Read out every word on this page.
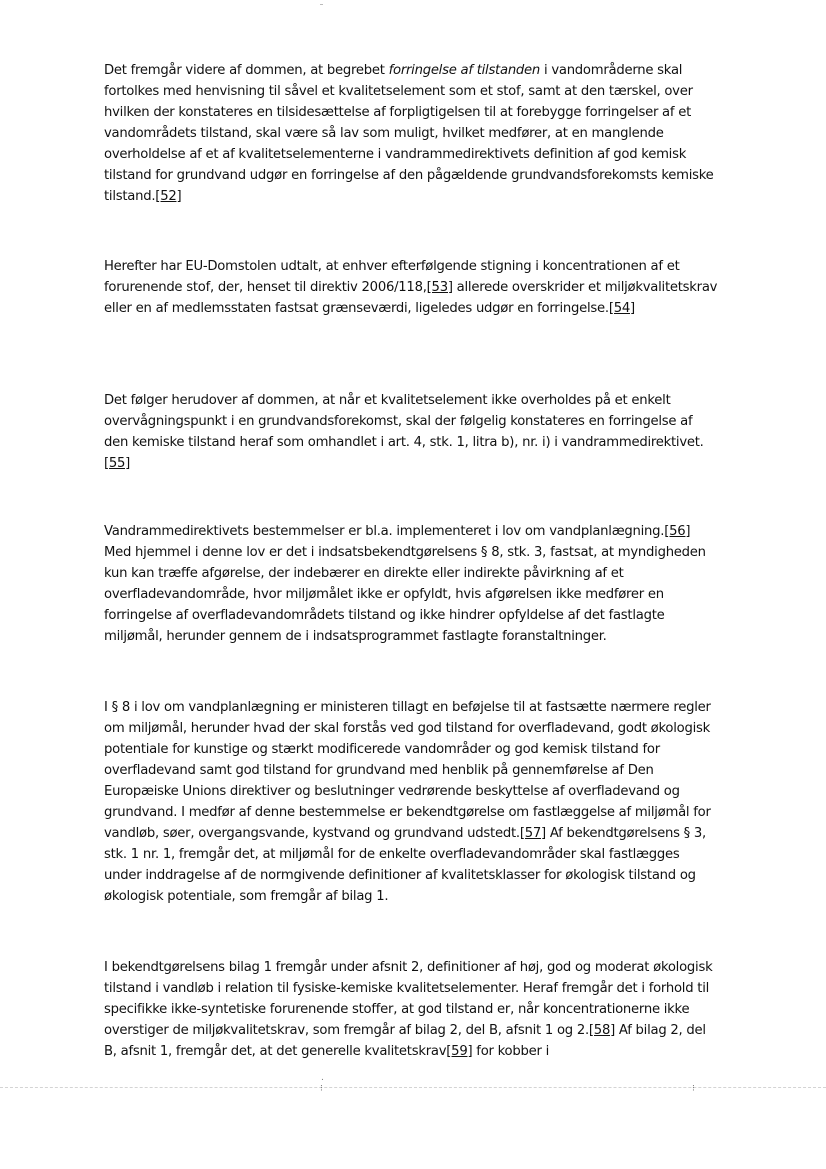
Det fremgår videre af dommen, at begrebet forringelse af tilstanden i vandområderne skal fortolkes med henvisning til såvel et kvalitetselement som et stof, samt at den tærskel, over hvilken der konstateres en tilsidesættelse af forpligtigelsen til at forebygge forringelser af et vandområdets tilstand, skal være så lav som muligt, hvilket medfører, at en manglende overholdelse af et af kvalitetselementerne i vandrammedirektivets definition af god kemisk tilstand for grundvand udgør en forringelse af den pågældende grundvandsforekomsts kemiske tilstand.[52]

Herefter har EU-Domstolen udtalt, at enhver efterfølgende stigning i koncentrationen af et forurenende stof, der, henset til direktiv 2006/118,[53] allerede overskrider et miljøkvalitetskrav eller en af medlemsstaten fastsat grænseværdi, ligeledes udgør en forringelse.[54]

Det følger herudover af dommen, at når et kvalitetselement ikke overholdes på et enkelt overvågningspunkt i en grundvandsforekomst, skal der følgelig konstateres en forringelse af den kemiske tilstand heraf som omhandlet i art. 4, stk. 1, litra b), nr. i) i vandrammedirektivet. [55]

Vandrammedirektivets bestemmelser er bl.a. implementeret i lov om vandplanlægning.[56] Med hjemmel i denne lov er det i indsatsbekendtgørelsens § 8, stk. 3, fastsat, at myndigheden kun kan træffe afgørelse, der indebærer en direkte eller indirekte påvirkning af et overfladevandområde, hvor miljømålet ikke er opfyldt, hvis afgørelsen ikke medfører en forringelse af overfladevandområdets tilstand og ikke hindrer opfyldelse af det fastlagte miljømål, herunder gennem de i indsatsprogrammet fastlagte foranstaltninger.

I § 8 i lov om vandplanlægning er ministeren tillagt en beføjelse til at fastsætte nærmere regler om miljømål, herunder hvad der skal forstås ved god tilstand for overfladevand, godt økologisk potentiale for kunstige og stærkt modificerede vandområder og god kemisk tilstand for overfladevand samt god tilstand for grundvand med henblik på gennemførelse af Den Europæiske Unions direktiver og beslutninger vedrørende beskyttelse af overfladevand og grundvand. I medfør af denne bestemmelse er bekendtgørelse om fastlæggelse af miljømål for vandløb, søer, overgangsvande, kystvand og grundvand udstedt.[57] Af bekendtgørelsens § 3, stk. 1 nr. 1, fremgår det, at miljømål for de enkelte overfladevandområder skal fastlægges under inddragelse af de normgivende definitioner af kvalitetsklasser for økologisk tilstand og økologisk potentiale, som fremgår af bilag 1.

I bekendtgørelsens bilag 1 fremgår under afsnit 2, definitioner af høj, god og moderat økologisk tilstand i vandløb i relation til fysiske-kemiske kvalitetselementer. Heraf fremgår det i forhold til specifikke ikke-syntetiske forurenende stoffer, at god tilstand er, når koncentrationerne ikke overstiger de miljøkvalitetskrav, som fremgår af bilag 2, del B, afsnit 1 og 2.[58] Af bilag 2, del B, afsnit 1, fremgår det, at det generelle kvalitetskrav[59] for kobber i

.
⁝	⁝
